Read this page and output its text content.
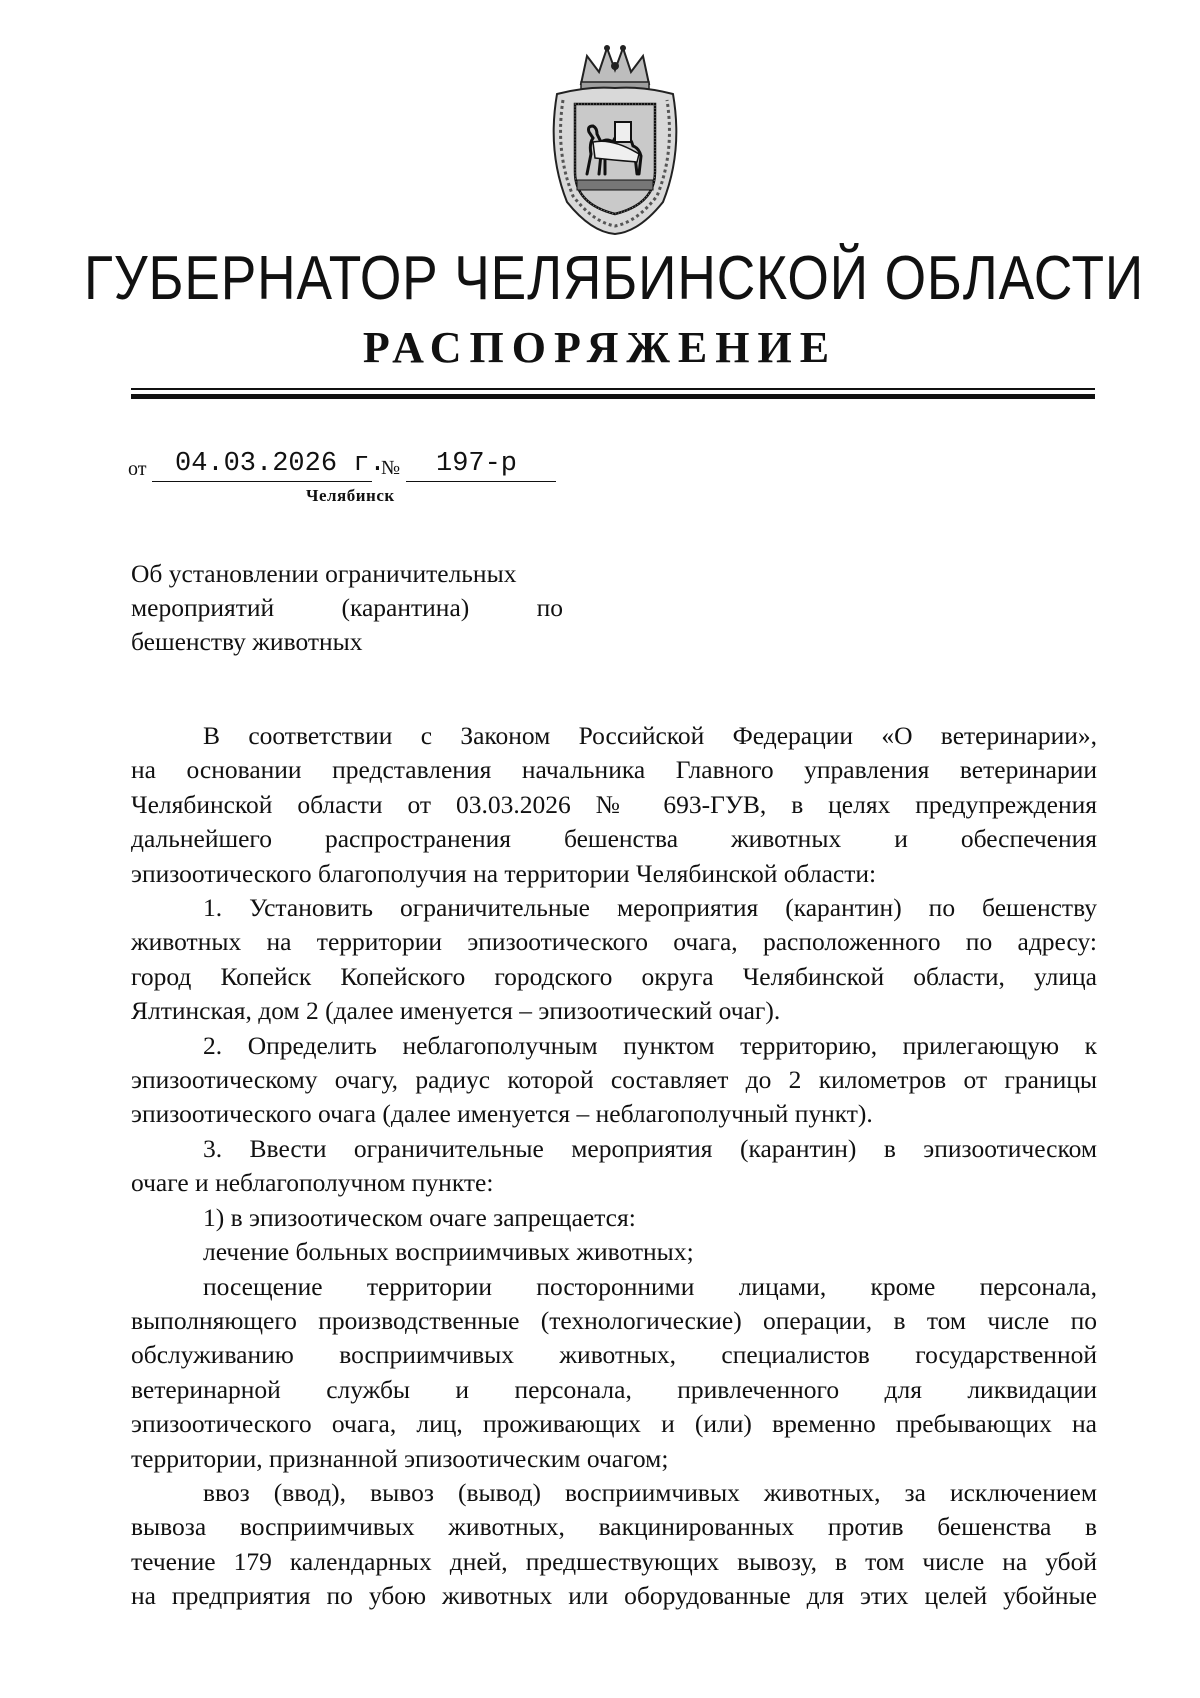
ГУБЕРНАТОР ЧЕЛЯБИНСКОЙ ОБЛАСТИ
РАСПОРЯЖЕНИЕ
от 04.03.2026 г.
№ 197-р
Челябинск
Об установлении ограничительных
мероприятий (карантина) по
бешенству животных
В соответствии с Законом Российской Федерации «О ветеринарии»,
на основании представления начальника Главного управления ветеринарии
Челябинской области от 03.03.2026 № 693-ГУВ, в целях предупреждения
дальнейшего распространения бешенства животных и обеспечения
эпизоотического благополучия на территории Челябинской области:
1. Установить ограничительные мероприятия (карантин) по бешенству
животных на территории эпизоотического очага, расположенного по адресу:
город Копейск Копейского городского округа Челябинской области, улица
Ялтинская, дом 2 (далее именуется – эпизоотический очаг).
2. Определить неблагополучным пунктом территорию, прилегающую к
эпизоотическому очагу, радиус которой составляет до 2 километров от границы
эпизоотического очага (далее именуется – неблагополучный пункт).
3. Ввести ограничительные мероприятия (карантин) в эпизоотическом
очаге и неблагополучном пункте:
1) в эпизоотическом очаге запрещается:
лечение больных восприимчивых животных;
посещение территории посторонними лицами, кроме персонала,
выполняющего производственные (технологические) операции, в том числе по
обслуживанию восприимчивых животных, специалистов государственной
ветеринарной службы и персонала, привлеченного для ликвидации
эпизоотического очага, лиц, проживающих и (или) временно пребывающих на
территории, признанной эпизоотическим очагом;
ввоз (ввод), вывоз (вывод) восприимчивых животных, за исключением
вывоза восприимчивых животных, вакцинированных против бешенства в
течение 179 календарных дней, предшествующих вывозу, в том числе на убой
на предприятия по убою животных или оборудованные для этих целей убойные
